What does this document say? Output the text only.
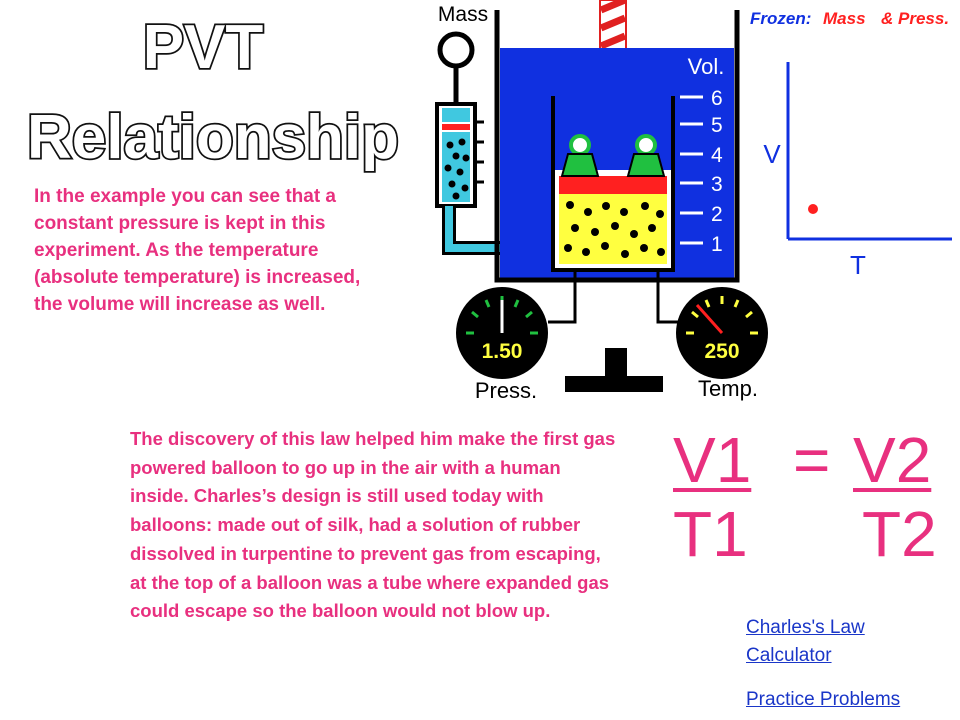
PVT
Relationship

In the example you can see that a constant pressure is kept in this experiment. As the temperature (absolute temperature) is increased, the volume will increase as well.

The discovery of this law helped him make the first gas powered balloon to go up in the air with a human inside. Charles’s design is still used today with balloons: made out of silk, had a solution of rubber dissolved in turpentine to prevent gas from escaping, at the top of a balloon was a tube where expanded gas could escape so the balloon would not blow up.

Mass
Vol.
6
5
4
3
2
1
1.50
Press.
250
Temp.
Frozen: Mass & Press.
V
T
V1 = V2
T1 T2
Charles's Law Calculator
Practice Problems
